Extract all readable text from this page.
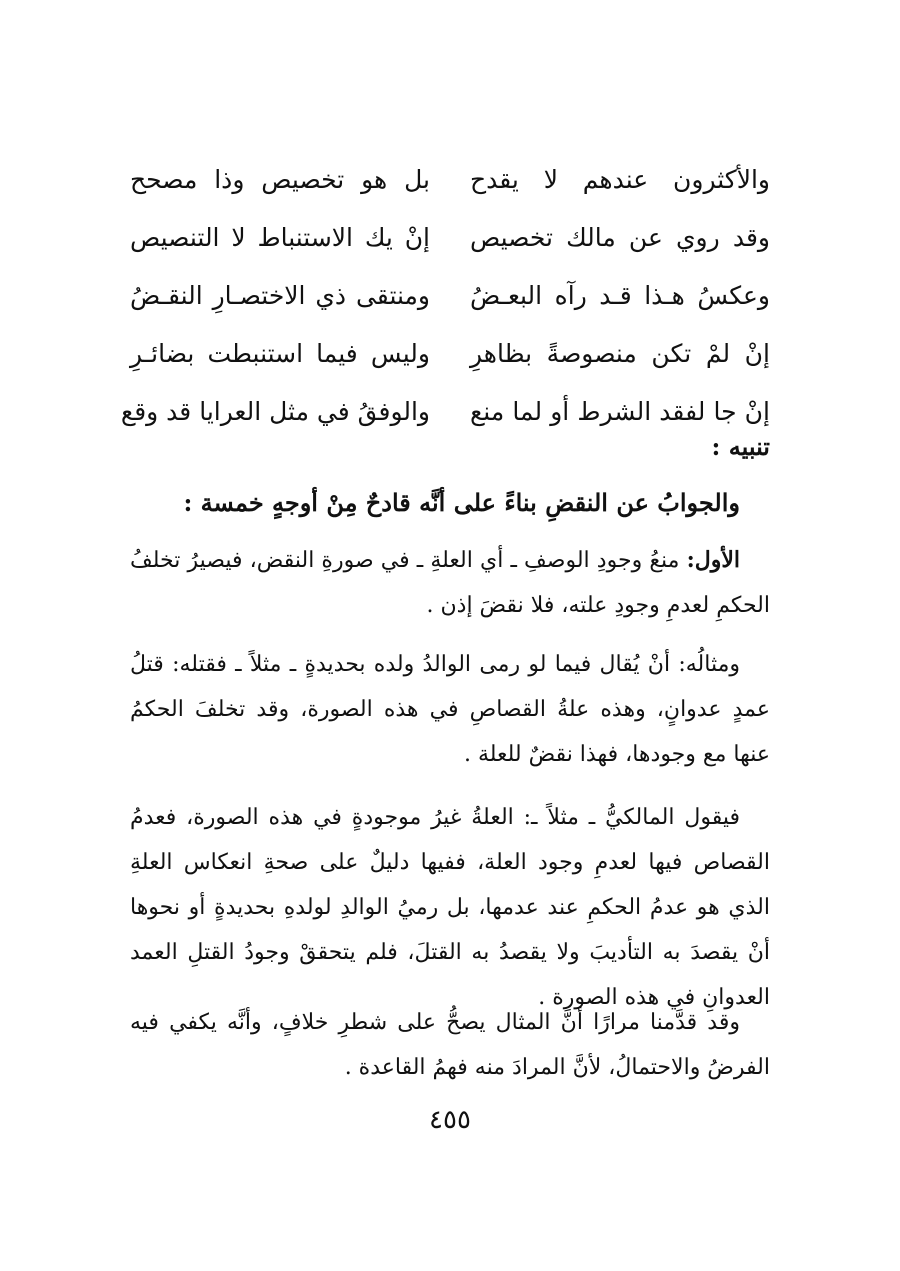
والأكثرون عندهم لا يقدح
بل هو تخصيص وذا مصحح
وقد روي عن مالك تخصيص
إنْ يك الاستنباط لا التنصيص
وعكسُ هـذا قـد رآه البعـضُ
ومنتقى ذي الاختصـارِ النقـضُ
إنْ لمْ تكن منصوصةً بظاهرِ
وليس فيما استنبطت بضائـرِ
إنْ جا لفقد الشرط أو لما منع
والوفقُ في مثل العرايا قد وقع
تنبيه :
والجوابُ عن النقضِ بناءً على أنَّه قادحٌ مِنْ أوجهٍ خمسة :

الأول: منعُ وجودِ الوصفِ ـ أي العلةِ ـ في صورةِ النقض، فيصيرُ تخلفُ الحكمِ لعدمِ وجودِ علته، فلا نقضَ إذن .

ومثالُه: أنْ يُقال فيما لو رمى الوالدُ ولده بحديدةٍ ـ مثلاً ـ فقتله: قتلُ عمدٍ عدوانٍ، وهذه علةُ القصاصِ في هذه الصورة، وقد تخلفَ الحكمُ عنها مع وجودها، فهذا نقضٌ للعلة .

فيقول المالكيُّ ـ مثلاً ـ: العلةُ غيرُ موجودةٍ في هذه الصورة، فعدمُ القصاص فيها لعدمِ وجود العلة، ففيها دليلٌ على صحةِ انعكاس العلةِ الذي هو عدمُ الحكمِ عند عدمها، بل رميُ الوالدِ لولدهِ بحديدةٍ أو نحوها أنْ يقصدَ به التأديبَ ولا يقصدُ به القتلَ، فلم يتحققْ وجودُ القتلِ العمد العدوانِ في هذه الصورة .

وقد قدَّمنا مرارًا أنَّ المثال يصحُّ على شطرِ خلافٍ، وأنَّه يكفي فيه الفرضُ والاحتمالُ، لأنَّ المرادَ منه فهمُ القاعدة .

٤٥٥
